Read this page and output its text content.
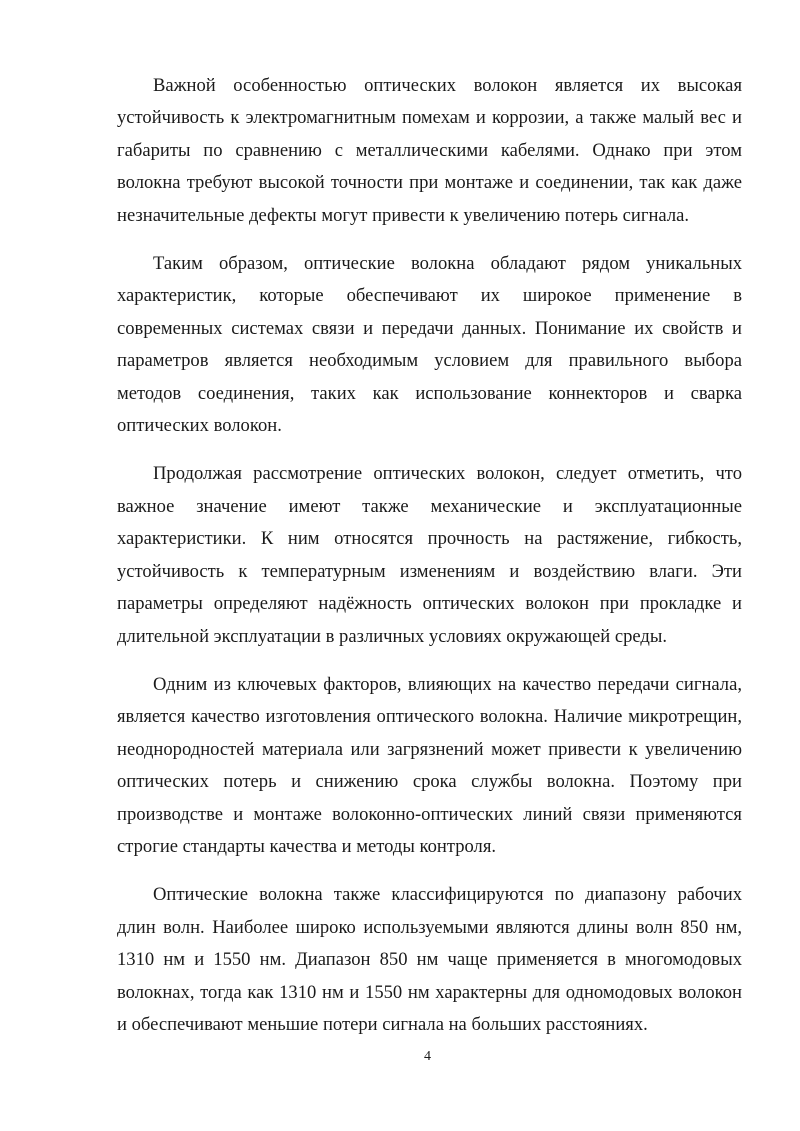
Важной особенностью оптических волокон является их высокая устойчивость к электромагнитным помехам и коррозии, а также малый вес и габариты по сравнению с металлическими кабелями. Однако при этом волокна требуют высокой точности при монтаже и соединении, так как даже незначительные дефекты могут привести к увеличению потерь сигнала.

Таким образом, оптические волокна обладают рядом уникальных характеристик, которые обеспечивают их широкое применение в современных системах связи и передачи данных. Понимание их свойств и параметров является необходимым условием для правильного выбора методов соединения, таких как использование коннекторов и сварка оптических волокон.

Продолжая рассмотрение оптических волокон, следует отметить, что важное значение имеют также механические и эксплуатационные характеристики. К ним относятся прочность на растяжение, гибкость, устойчивость к температурным изменениям и воздействию влаги. Эти параметры определяют надёжность оптических волокон при прокладке и длительной эксплуатации в различных условиях окружающей среды.

Одним из ключевых факторов, влияющих на качество передачи сигнала, является качество изготовления оптического волокна. Наличие микротрещин, неоднородностей материала или загрязнений может привести к увеличению оптических потерь и снижению срока службы волокна. Поэтому при производстве и монтаже волоконно-оптических линий связи применяются строгие стандарты качества и методы контроля.

Оптические волокна также классифицируются по диапазону рабочих длин волн. Наиболее широко используемыми являются длины волн 850 нм, 1310 нм и 1550 нм. Диапазон 850 нм чаще применяется в многомодовых волокнах, тогда как 1310 нм и 1550 нм характерны для одномодовых волокон и обеспечивают меньшие потери сигнала на больших расстояниях.

4
